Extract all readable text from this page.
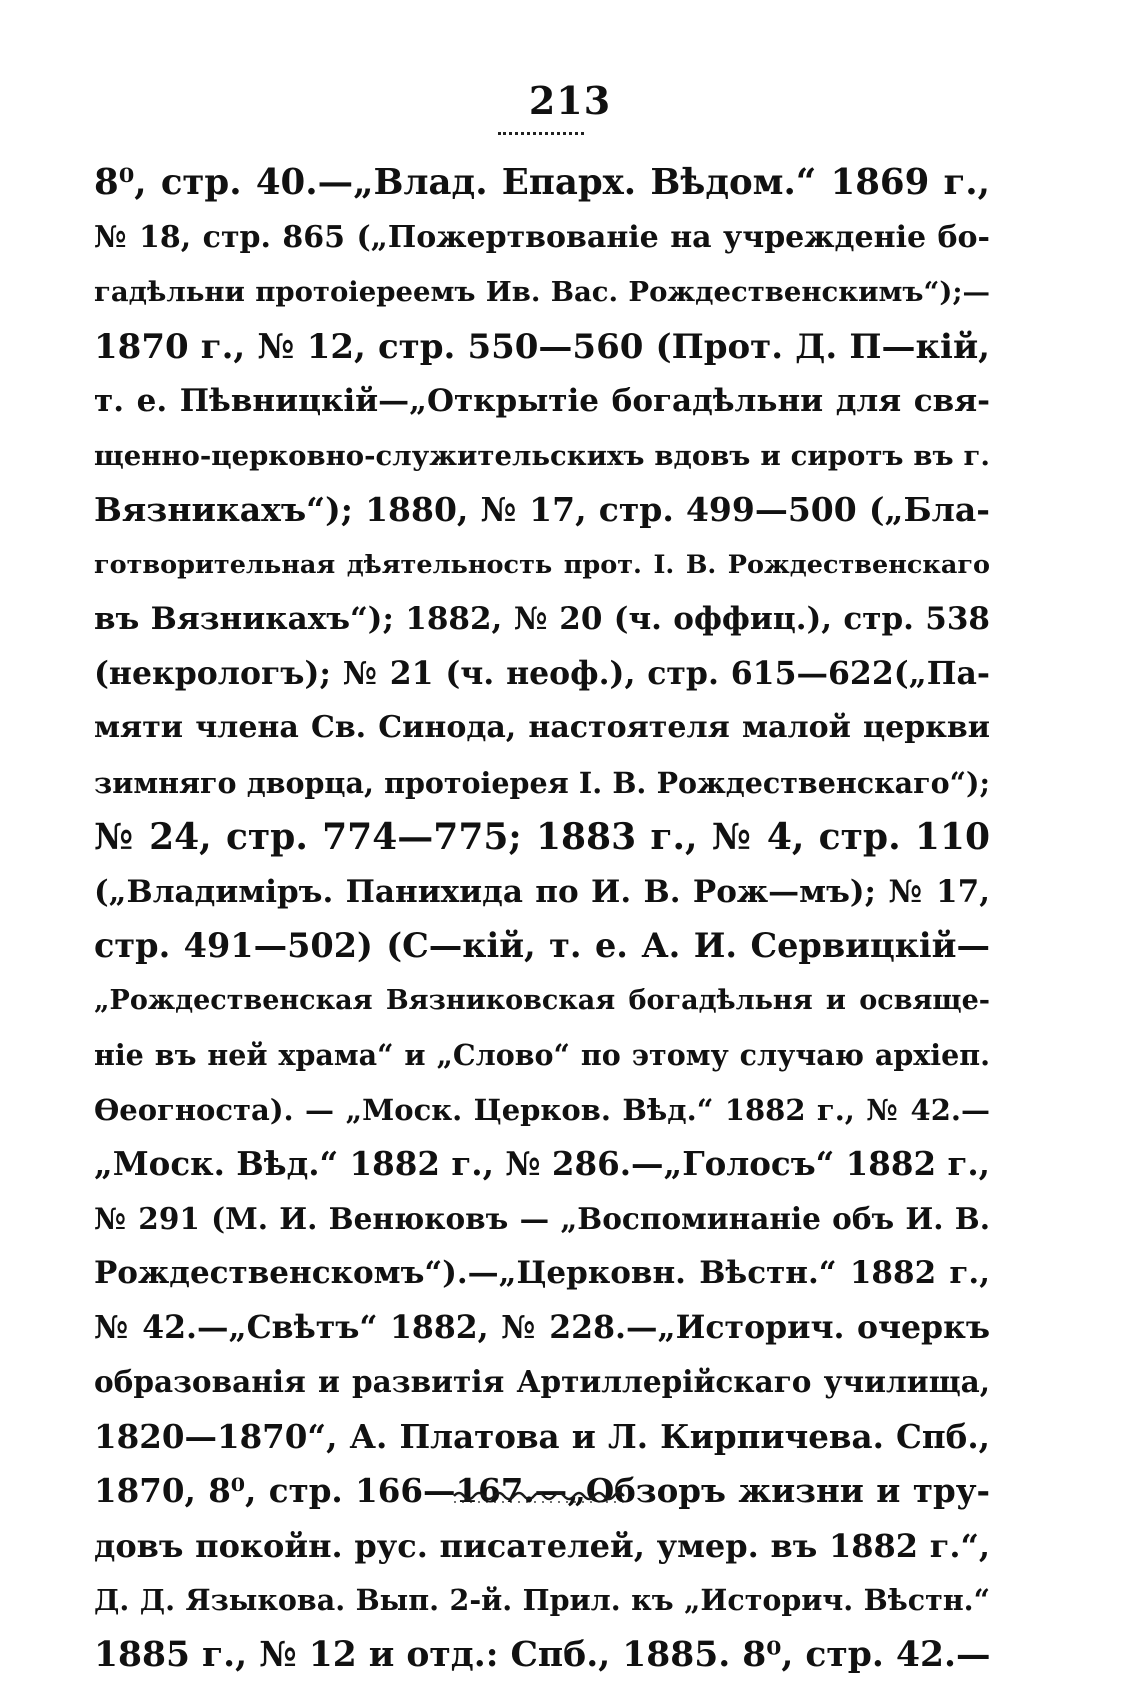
213
8⁰, стр. 40.—„Влад. Епарх. Вѣдом.“ 1869 г.,
№ 18, стр. 865 („Пожертвованіе на учрежденіе бо-
гадѣльни протоіереемъ Ив. Вас. Рождественскимъ“);—
1870 г., № 12, стр. 550—560 (Прот. Д. П—кій,
т. е. Пѣвницкій—„Открытіе богадѣльни для свя-
щенно-церковно-служительскихъ вдовъ и сиротъ въ г.
Вязникахъ“); 1880, № 17, стр. 499—500 („Бла-
готворительная дѣятельность прот. І. В. Рождественскаго
въ Вязникахъ“); 1882, № 20 (ч. оффиц.), стр. 538
(некрологъ); № 21 (ч. неоф.), стр. 615—622(„Па-
мяти члена Св. Синода, настоятеля малой церкви
зимняго дворца, протоіерея І. В. Рождественскаго“);
№ 24, стр. 774—775; 1883 г., № 4, стр. 110
(„Владиміръ. Панихида по И. В. Рож—мъ); № 17,
стр. 491—502) (С—кій, т. е. А. И. Сервицкій—
„Рождественская Вязниковская богадѣльня и освяще-
ніе въ ней храма“ и „Слово“ по этому случаю архіеп.
Ѳеогноста). — „Моск. Церков. Вѣд.“ 1882 г., № 42.—
„Моск. Вѣд.“ 1882 г., № 286.—„Голосъ“ 1882 г.,
№ 291 (М. И. Венюковъ — „Воспоминаніе объ И. В.
Рождественскомъ“).—„Церковн. Вѣстн.“ 1882 г.,
№ 42.—„Свѣтъ“ 1882, № 228.—„Историч. очеркъ
образованія и развитія Артиллерійскаго училища,
1820—1870“, А. Платова и Л. Кирпичева. Спб.,
1870, 8⁰, стр. 166—167.—„Обзоръ жизни и тру-
довъ покойн. рус. писателей, умер. въ 1882 г.“,
Д. Д. Языкова. Вып. 2-й. Прил. къ „Историч. Вѣстн.“
1885 г., № 12 и отд.: Спб., 1885. 8⁰, стр. 42.—
